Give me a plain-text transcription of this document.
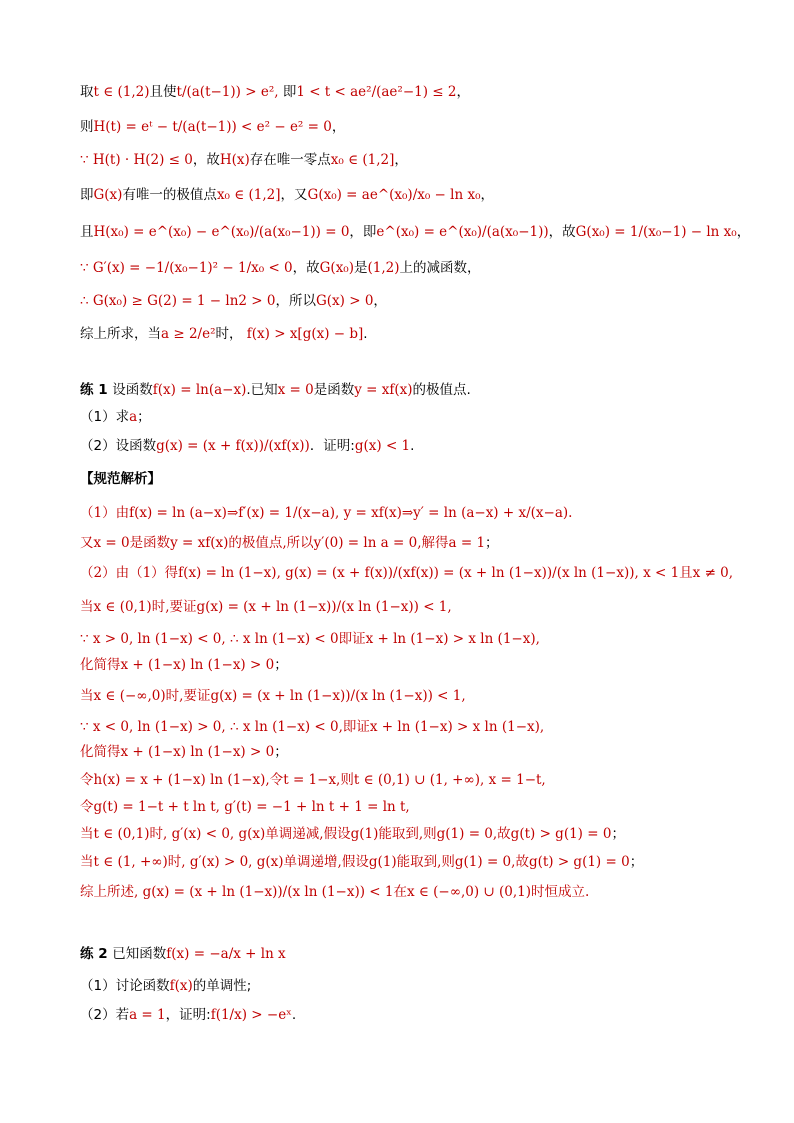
取t ∈ (1,2)且使t/(a(t−1)) > e², 即1 < t < ae²/(ae²−1) ≤ 2，
则H(t) = eᵗ − t/(a(t−1)) < e² − e² = 0，
∵ H(t) · H(2) ≤ 0，故H(x)存在唯一零点x₀ ∈ (1,2]，
即G(x)有唯一的极值点x₀ ∈ (1,2]，又G(x₀) = ae^(x₀)/x₀ − ln x₀，
且H(x₀) = e^(x₀) − e^(x₀)/(a(x₀−1)) = 0，即e^(x₀) = e^(x₀)/(a(x₀−1))，故G(x₀) = 1/(x₀−1) − ln x₀，
∵ G′(x) = −1/(x₀−1)² − 1/x₀ < 0，故G(x₀)是(1,2)上的减函数，
∴ G(x₀) ≥ G(2) = 1 − ln2 > 0，所以G(x) > 0，
综上所求，当a ≥ 2/e²时， f(x) > x[g(x) − b].
练 1 设函数f(x) = ln(a−x).已知x = 0是函数y = xf(x)的极值点.
（1）求a；
（2）设函数g(x) = (x + f(x))/(xf(x))．证明:g(x) < 1.
【规范解析】
（1）由f(x) = ln (a−x)⇒f′(x) = 1/(x−a), y = xf(x)⇒y′ = ln (a−x) + x/(x−a).
又x = 0是函数y = xf(x)的极值点,所以y′(0) = ln a = 0,解得a = 1；
（2）由（1）得f(x) = ln (1−x), g(x) = (x + f(x))/(xf(x)) = (x + ln (1−x))/(x ln (1−x)), x < 1且x ≠ 0,
当x ∈ (0,1)时,要证g(x) = (x + ln (1−x))/(x ln (1−x)) < 1,
∵ x > 0, ln (1−x) < 0, ∴ x ln (1−x) < 0即证x + ln (1−x) > x ln (1−x),
化简得x + (1−x) ln (1−x) > 0；
当x ∈ (−∞,0)时,要证g(x) = (x + ln (1−x))/(x ln (1−x)) < 1,
∵ x < 0, ln (1−x) > 0, ∴ x ln (1−x) < 0,即证x + ln (1−x) > x ln (1−x),
化简得x + (1−x) ln (1−x) > 0；
令h(x) = x + (1−x) ln (1−x),令t = 1−x,则t ∈ (0,1) ∪ (1, +∞), x = 1−t,
令g(t) = 1−t + t ln t, g′(t) = −1 + ln t + 1 = ln t,
当t ∈ (0,1)时, g′(x) < 0, g(x)单调递减,假设g(1)能取到,则g(1) = 0,故g(t) > g(1) = 0；
当t ∈ (1, +∞)时, g′(x) > 0, g(x)单调递增,假设g(1)能取到,则g(1) = 0,故g(t) > g(1) = 0；
综上所述, g(x) = (x + ln (1−x))/(x ln (1−x)) < 1在x ∈ (−∞,0) ∪ (0,1)时恒成立.
练 2 已知函数f(x) = −a/x + ln x
（1）讨论函数f(x)的单调性;
（2）若a = 1，证明:f(1/x) > −eˣ.
